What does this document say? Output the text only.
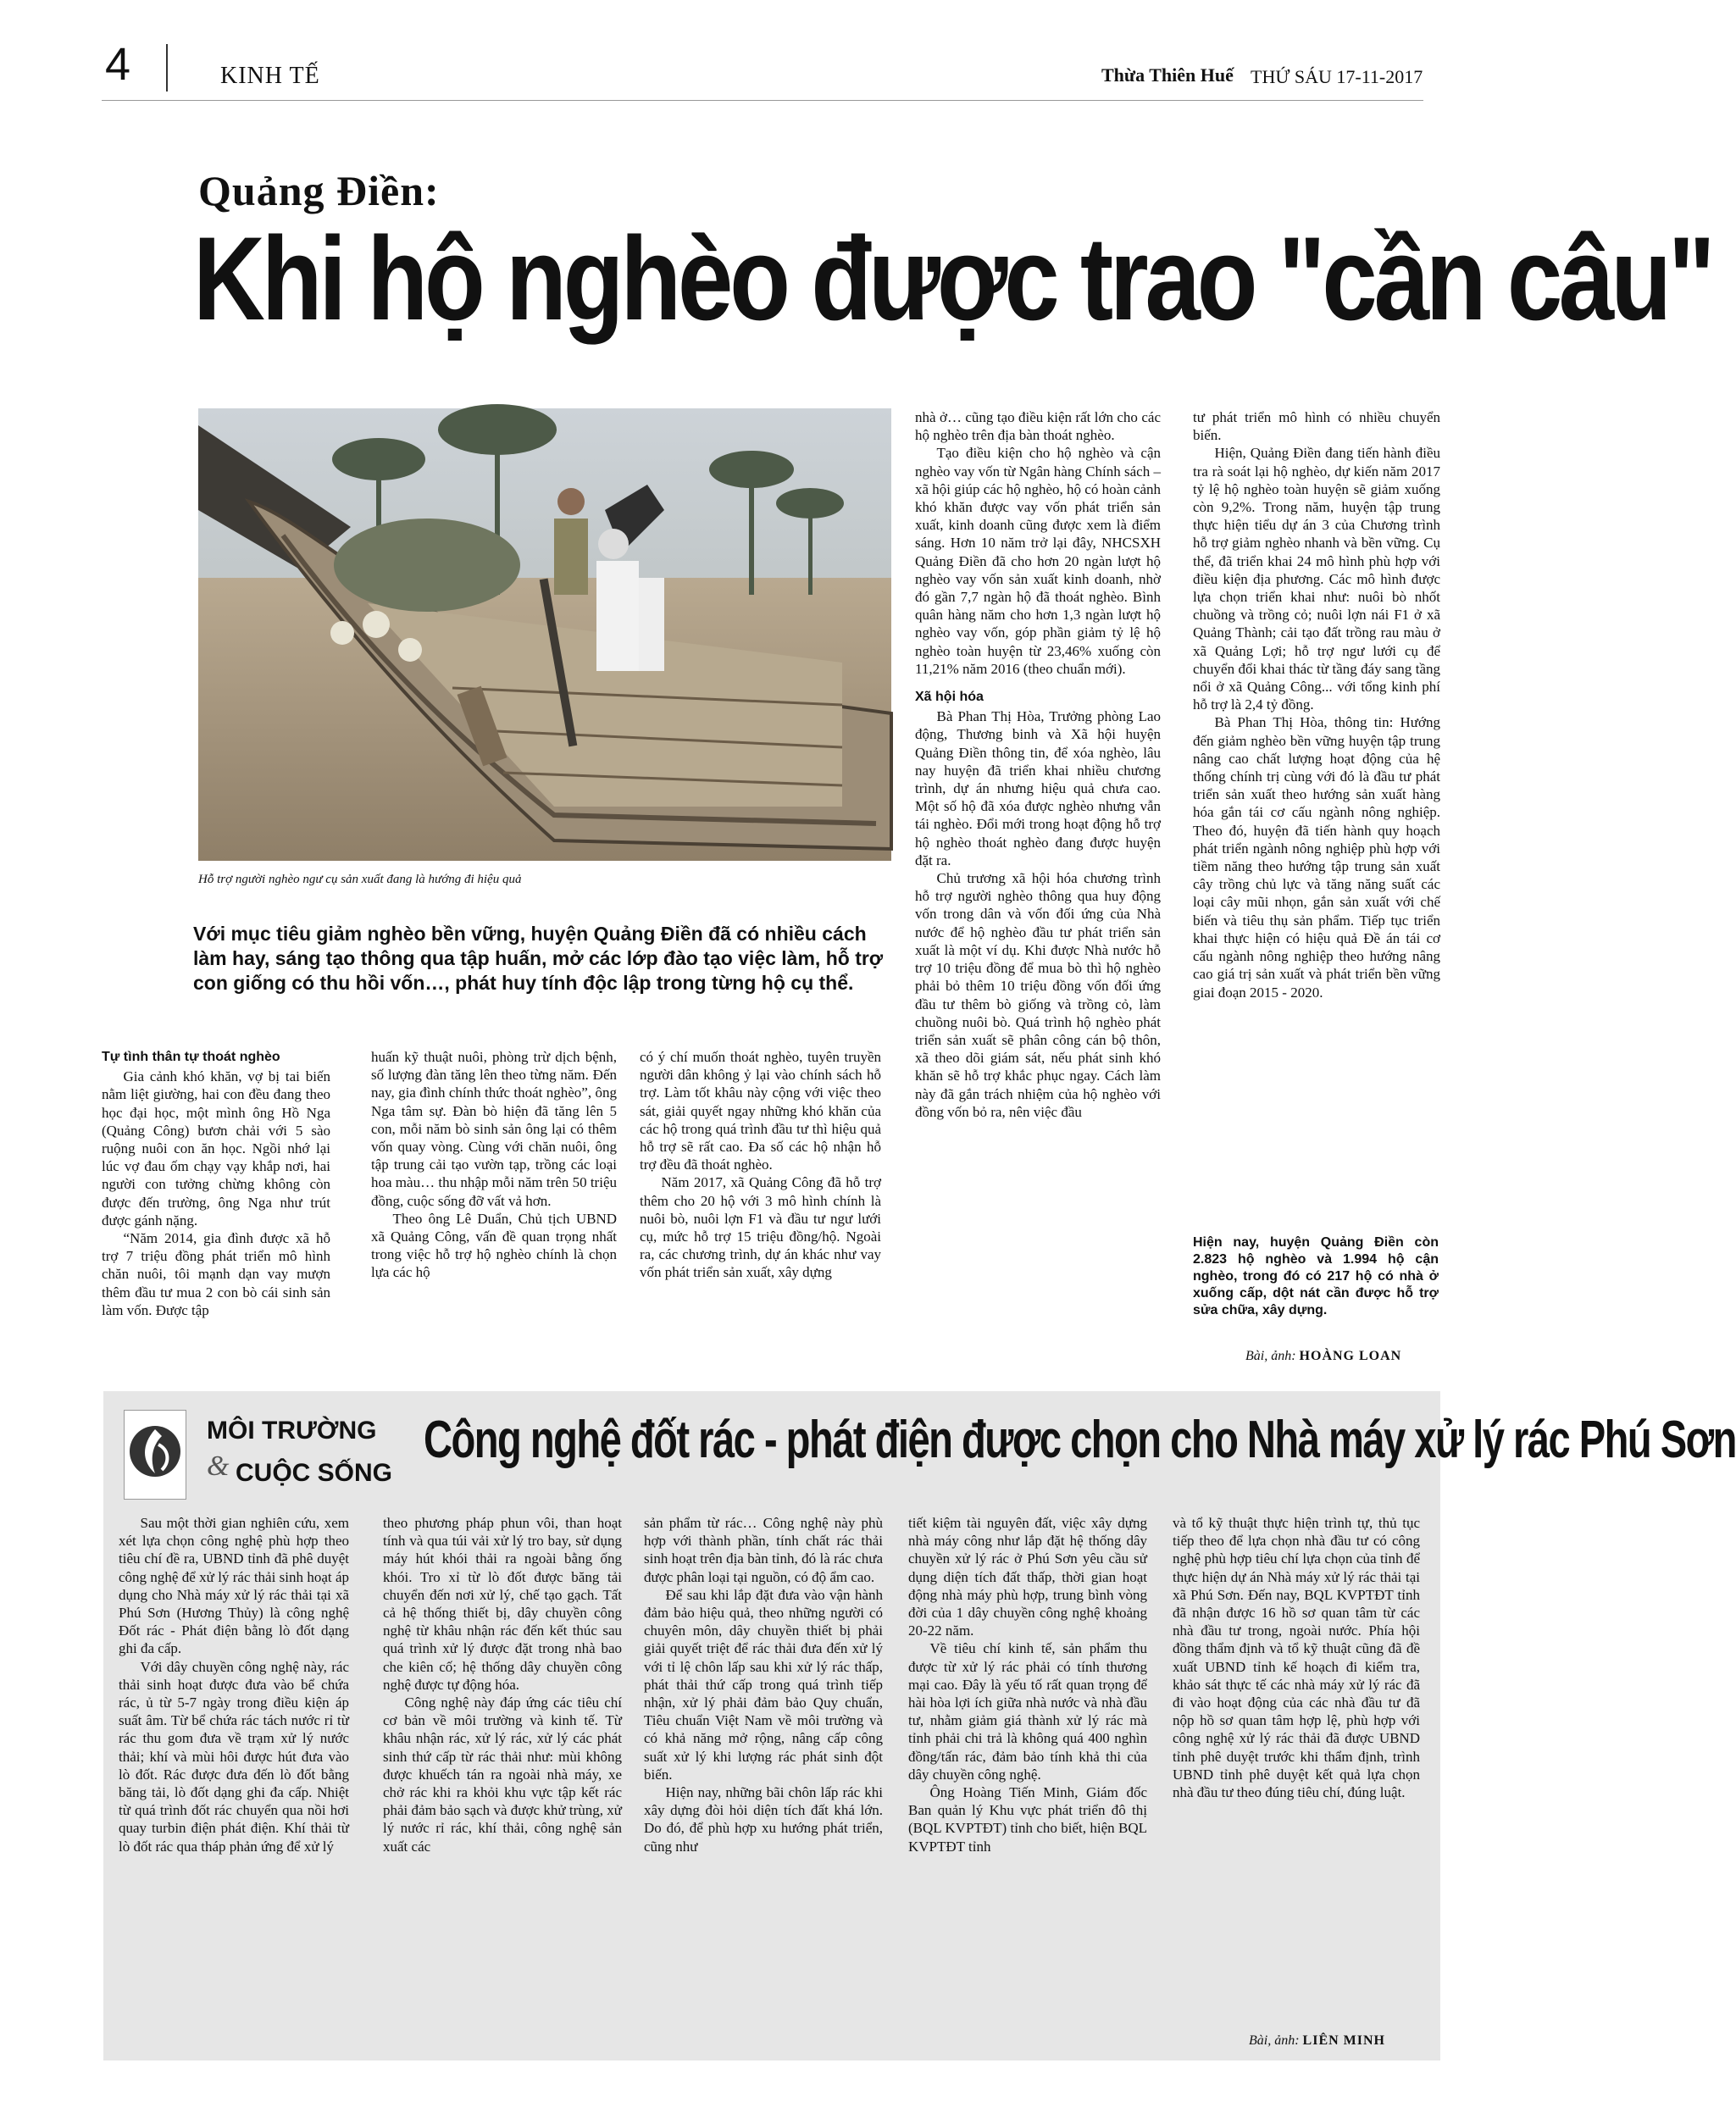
4	KINH TẾ	Thừa Thiên Huế THỨ SÁU 17-11-2017
Quảng Điền:
Khi hộ nghèo được trao "cần câu"
Hỗ trợ người nghèo ngư cụ sản xuất đang là hướng đi hiệu quả
Với mục tiêu giảm nghèo bền vững, huyện Quảng Điền đã có nhiều cách làm hay, sáng tạo thông qua tập huấn, mở các lớp đào tạo việc làm, hỗ trợ con giống có thu hồi vốn…, phát huy tính độc lập trong từng hộ cụ thể.
Tự tình thân tự thoát nghèo

Gia cảnh khó khăn, vợ bị tai biến nằm liệt giường, hai con đều đang theo học đại học, một mình ông Hồ Nga (Quảng Công) bươn chải với 5 sào ruộng nuôi con ăn học. Ngồi nhớ lại lúc vợ đau ốm chạy vạy khắp nơi, hai người con tưởng chừng không còn được đến trường, ông Nga như trút được gánh nặng.

“Năm 2014, gia đình được xã hỗ trợ 7 triệu đồng phát triển mô hình chăn nuôi, tôi mạnh dạn vay mượn thêm đầu tư mua 2 con bò cái sinh sản làm vốn. Được tập

huấn kỹ thuật nuôi, phòng trừ dịch bệnh, số lượng đàn tăng lên theo từng năm. Đến nay, gia đình chính thức thoát nghèo”, ông Nga tâm sự. Đàn bò hiện đã tăng lên 5 con, mỗi năm bò sinh sản ông lại có thêm vốn quay vòng. Cùng với chăn nuôi, ông tập trung cải tạo vườn tạp, trồng các loại hoa màu… thu nhập mỗi năm trên 50 triệu đồng, cuộc sống đỡ vất vả hơn.

Theo ông Lê Duẩn, Chủ tịch UBND xã Quảng Công, vấn đề quan trọng nhất trong việc hỗ trợ hộ nghèo chính là chọn lựa các hộ

có ý chí muốn thoát nghèo, tuyên truyền người dân không ỷ lại vào chính sách hỗ trợ. Làm tốt khâu này cộng với việc theo sát, giải quyết ngay những khó khăn của các hộ trong quá trình đầu tư thì hiệu quả hỗ trợ sẽ rất cao. Đa số các hộ nhận hỗ trợ đều đã thoát nghèo.

Năm 2017, xã Quảng Công đã hỗ trợ thêm cho 20 hộ với 3 mô hình chính là nuôi bò, nuôi lợn F1 và đầu tư ngư lưới cụ, mức hỗ trợ 15 triệu đồng/hộ. Ngoài ra, các chương trình, dự án khác như vay vốn phát triển sản xuất, xây dựng

nhà ở… cũng tạo điều kiện rất lớn cho các hộ nghèo trên địa bàn thoát nghèo.

Tạo điều kiện cho hộ nghèo và cận nghèo vay vốn từ Ngân hàng Chính sách – xã hội giúp các hộ nghèo, hộ có hoàn cảnh khó khăn được vay vốn phát triển sản xuất, kinh doanh cũng được xem là điểm sáng. Hơn 10 năm trở lại đây, NHCSXH Quảng Điền đã cho hơn 20 ngàn lượt hộ nghèo vay vốn sản xuất kinh doanh, nhờ đó gần 7,7 ngàn hộ đã thoát nghèo. Bình quân hàng năm cho hơn 1,3 ngàn lượt hộ nghèo vay vốn, góp phần giảm tỷ lệ hộ nghèo toàn huyện từ 23,46% xuống còn 11,21% năm 2016 (theo chuẩn mới).

Xã hội hóa

Bà Phan Thị Hòa, Trưởng phòng Lao động, Thương binh và Xã hội huyện Quảng Điền thông tin, để xóa nghèo, lâu nay huyện đã triển khai nhiều chương trình, dự án nhưng hiệu quả chưa cao. Một số hộ đã xóa được nghèo nhưng vẫn tái nghèo. Đổi mới trong hoạt động hỗ trợ hộ nghèo thoát nghèo đang được huyện đặt ra.

Chủ trương xã hội hóa chương trình hỗ trợ người nghèo thông qua huy động vốn trong dân và vốn đối ứng của Nhà nước để hộ nghèo đầu tư phát triển sản xuất là một ví dụ. Khi được Nhà nước hỗ trợ 10 triệu đồng để mua bò thì hộ nghèo phải bỏ thêm 10 triệu đồng vốn đối ứng đầu tư thêm bò giống và trồng cỏ, làm chuồng nuôi bò. Quá trình hộ nghèo phát triển sản xuất sẽ phân công cán bộ thôn, xã theo dõi giám sát, nếu phát sinh khó khăn sẽ hỗ trợ khắc phục ngay. Cách làm này đã gắn trách nhiệm của hộ nghèo với đồng vốn bỏ ra, nên việc đầu

tư phát triển mô hình có nhiều chuyển biến.

Hiện, Quảng Điền đang tiến hành điều tra rà soát lại hộ nghèo, dự kiến năm 2017 tỷ lệ hộ nghèo toàn huyện sẽ giảm xuống còn 9,2%. Trong năm, huyện tập trung thực hiện tiểu dự án 3 của Chương trình hỗ trợ giảm nghèo nhanh và bền vững. Cụ thể, đã triển khai 24 mô hình phù hợp với điều kiện địa phương. Các mô hình được lựa chọn triển khai như: nuôi bò nhốt chuồng và trồng cỏ; nuôi lợn nái F1 ở xã Quảng Thành; cải tạo đất trồng rau màu ở xã Quảng Lợi; hỗ trợ ngư lưới cụ để chuyển đổi khai thác từ tầng đáy sang tầng nổi ở xã Quảng Công... với tổng kinh phí hỗ trợ là 2,4 tỷ đồng.

Bà Phan Thị Hòa, thông tin: Hướng đến giảm nghèo bền vững huyện tập trung nâng cao chất lượng hoạt động của hệ thống chính trị cùng với đó là đầu tư phát triển sản xuất theo hướng sản xuất hàng hóa gắn tái cơ cấu ngành nông nghiệp. Theo đó, huyện đã tiến hành quy hoạch phát triển ngành nông nghiệp phù hợp với tiềm năng theo hướng tập trung sản xuất cây trồng chủ lực và tăng năng suất các loại cây mũi nhọn, gắn sản xuất với chế biến và tiêu thụ sản phẩm. Tiếp tục triển khai thực hiện có hiệu quả Đề án tái cơ cấu ngành nông nghiệp theo hướng nâng cao giá trị sản xuất và phát triển bền vững giai đoạn 2015 - 2020.

Hiện nay, huyện Quảng Điền còn 2.823 hộ nghèo và 1.994 hộ cận nghèo, trong đó có 217 hộ có nhà ở xuống cấp, dột nát cần được hỗ trợ sửa chữa, xây dựng.
Bài, ảnh: HOÀNG LOAN
MÔI TRƯỜNG
& CUỘC SỐNG
Công nghệ đốt rác - phát điện được chọn cho Nhà máy xử lý rác Phú Sơn

Sau một thời gian nghiên cứu, xem xét lựa chọn công nghệ phù hợp theo tiêu chí đề ra, UBND tỉnh đã phê duyệt công nghệ để xử lý rác thải sinh hoạt áp dụng cho Nhà máy xử lý rác thải tại xã Phú Sơn (Hương Thủy) là công nghệ Đốt rác - Phát điện bằng lò đốt dạng ghi đa cấp.

Với dây chuyền công nghệ này, rác thải sinh hoạt được đưa vào bể chứa rác, ủ từ 5-7 ngày trong điều kiện áp suất âm. Từ bể chứa rác tách nước rỉ từ rác thu gom đưa về trạm xử lý nước thải; khí và mùi hôi được hút đưa vào lò đốt. Rác được đưa đến lò đốt bằng băng tải, lò đốt dạng ghi đa cấp. Nhiệt từ quá trình đốt rác chuyển qua nồi hơi quay turbin điện phát điện. Khí thải từ lò đốt rác qua tháp phản ứng để xử lý

theo phương pháp phun vôi, than hoạt tính và qua túi vải xử lý tro bay, sử dụng máy hút khói thải ra ngoài bằng ống khói. Tro xỉ từ lò đốt được băng tải chuyển đến nơi xử lý, chế tạo gạch. Tất cả hệ thống thiết bị, dây chuyền công nghệ từ khâu nhận rác đến kết thúc sau quá trình xử lý được đặt trong nhà bao che kiên cố; hệ thống dây chuyền công nghệ được tự động hóa.

Công nghệ này đáp ứng các tiêu chí cơ bản về môi trường và kinh tế. Từ khâu nhận rác, xử lý rác, xử lý các phát sinh thứ cấp từ rác thải như: mùi không được khuếch tán ra ngoài nhà máy, xe chở rác khi ra khỏi khu vực tập kết rác phải đảm bảo sạch và được khử trùng, xử lý nước rỉ rác, khí thải, công nghệ sản xuất các

sản phẩm từ rác… Công nghệ này phù hợp với thành phần, tính chất rác thải sinh hoạt trên địa bàn tỉnh, đó là rác chưa được phân loại tại nguồn, có độ ẩm cao.

Để sau khi lắp đặt đưa vào vận hành đảm bảo hiệu quả, theo những người có chuyên môn, dây chuyền thiết bị phải giải quyết triệt để rác thải đưa đến xử lý với tỉ lệ chôn lấp sau khi xử lý rác thấp, phát thải thứ cấp trong quá trình tiếp nhận, xử lý phải đảm bảo Quy chuẩn, Tiêu chuẩn Việt Nam về môi trường và có khả năng mở rộng, nâng cấp công suất xử lý khi lượng rác phát sinh đột biến.

Hiện nay, những bãi chôn lấp rác khi xây dựng đòi hỏi diện tích đất khá lớn. Do đó, để phù hợp xu hướng phát triển, cũng như

tiết kiệm tài nguyên đất, việc xây dựng nhà máy công như lắp đặt hệ thống dây chuyền xử lý rác ở Phú Sơn yêu cầu sử dụng diện tích đất thấp, thời gian hoạt động nhà máy phù hợp, trung bình vòng đời của 1 dây chuyền công nghệ khoảng 20-22 năm.

Về tiêu chí kinh tế, sản phẩm thu được từ xử lý rác phải có tính thương mại cao. Đây là yếu tố rất quan trọng để hài hòa lợi ích giữa nhà nước và nhà đầu tư, nhằm giảm giá thành xử lý rác mà tỉnh phải chi trả là không quá 400 nghìn đồng/tấn rác, đảm bảo tính khả thi của dây chuyền công nghệ.

Ông Hoàng Tiến Minh, Giám đốc Ban quản lý Khu vực phát triển đô thị (BQL KVPTĐT) tỉnh cho biết, hiện BQL KVPTĐT tỉnh

và tổ kỹ thuật thực hiện trình tự, thủ tục tiếp theo để lựa chọn nhà đầu tư có công nghệ phù hợp tiêu chí lựa chọn của tỉnh để thực hiện dự án Nhà máy xử lý rác thải tại xã Phú Sơn. Đến nay, BQL KVPTĐT tỉnh đã nhận được 16 hồ sơ quan tâm từ các nhà đầu tư trong, ngoài nước. Phía hội đồng thẩm định và tổ kỹ thuật cũng đã đề xuất UBND tỉnh kế hoạch đi kiểm tra, khảo sát thực tế các nhà máy xử lý rác đã đi vào hoạt động của các nhà đầu tư đã nộp hồ sơ quan tâm hợp lệ, phù hợp với công nghệ xử lý rác thải đã được UBND tỉnh phê duyệt trước khi thẩm định, trình UBND tỉnh phê duyệt kết quả lựa chọn nhà đầu tư theo đúng tiêu chí, đúng luật.

Bài, ảnh: LIÊN MINH
